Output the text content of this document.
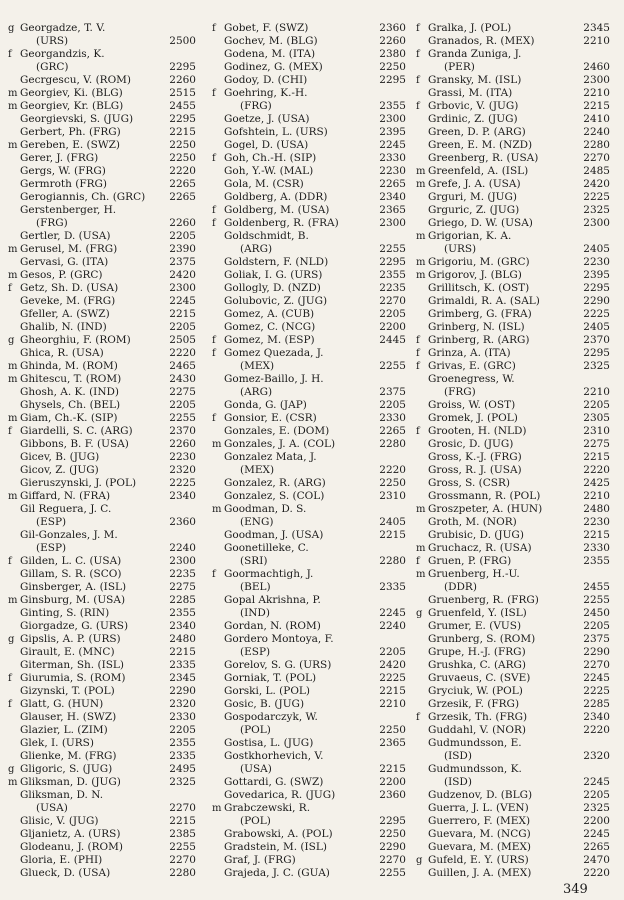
g Georgadze, T. V.
(URS)	2500
f Georgandzis, K.
(GRC)	2295
Gecrgescu, V. (ROM)	2260
m Georgiev, Ki. (BLG)	2515
m Georgiev, Kr. (BLG)	2455
Georgievski, S. (JUG)	2295
Gerbert, Ph. (FRG)	2215
m Gereben, E. (SWZ)	2250
Gerer, J. (FRG)	2250
Gergs, W. (FRG)	2220
Germroth (FRG)	2265
Gerogiannis, Ch. (GRC) 2265
Gerstenberger, H.
(FRG)	2260
Gertler, D. (USA)	2205
m Gerusel, M. (FRG)	2390
Gervasi, G. (ITA)	2375
m Gesos, P. (GRC)	2420
f Getz, Sh. D. (USA)	2300
Geveke, M. (FRG)	2245
Gfeller, A. (SWZ)	2215
Ghalib, N. (IND)	2205
g Gheorghiu, F. (ROM)	2505
Ghica, R. (USA)	2220
m Ghinda, M. (ROM)	2465
m Ghitescu, T. (ROM)	2430
Ghosh, A. K. (IND)	2275
Ghysels, Ch. (BEL)	2205
m Giam, Ch.-K. (SIP)	2255
f Giardelli, S. C. (ARG)	2370
Gibbons, B. F. (USA)	2260
Gicev, B. (JUG)	2230
Gicov, Z. (JUG)	2320
Gieruszynski, J. (POL)	2225
m Giffard, N. (FRA)	2340
Gil Reguera, J. C.
(ESP)	2360
Gil-Gonzales, J. M.
(ESP)	2240
f Gilden, L. C. (USA)	2300
Gillam, S. R. (SCO)	2235
Ginsberger, A. (ISL)	2275
m Ginsburg, M. (USA)	2285
Ginting, S. (RIN)	2355
Giorgadze, G. (URS)	2340
g Gipslis, A. P. (URS)	2480
Girault, E. (MNC)	2215
Giterman, Sh. (ISL)	2335
f Giurumia, S. (ROM)	2345
Gizynski, T. (POL)	2290
f Glatt, G. (HUN)	2320
Glauser, H. (SWZ)	2330
Glazier, L. (ZIM)	2205
Glek, I. (URS)	2355
Glienke, M. (FRG)	2335
g Gligoric, S. (JUG)	2495
m Gliksman, D. (JUG)	2325
Gliksman, D. N.
(USA)	2270
Glisic, V. (JUG)	2215
Gljanietz, A. (URS)	2385
Glodeanu, J. (ROM)	2255
Gloria, E. (PHI)	2270
Glueck, D. (USA)	2280
f Gobet, F. (SWZ)	2360
Gochev, M. (BLG)	2260
Godena, M. (ITA)	2380
Godinez, G. (MEX)	2250
Godoy, D. (CHI)	2295
f Goehring, K.-H.
(FRG)	2355
Goetze, J. (USA)	2300
Gofshtein, L. (URS)	2395
Gogel, D. (USA)	2245
f Goh, Ch.-H. (SIP)	2330
Goh, Y.-W. (MAL)	2230
Gola, M. (CSR)	2265
Goldberg, A. (DDR)	2340
f Goldberg, M. (USA)	2365
f Goldenberg, R. (FRA)	2300
Goldschmidt, B.
(ARG)	2255
Goldstern, F. (NLD)	2295
Goliak, I. G. (URS)	2355
Gollogly, D. (NZD)	2235
Golubovic, Z. (JUG)	2270
Gomez, A. (CUB)	2205
Gomez, C. (NCG)	2200
f Gomez, M. (ESP)	2445
f Gomez Quezada, J.
(MEX)	2255
Gomez-Baillo, J. H.
(ARG)	2375
Gonda, G. (JAP)	2205
f Gonsior, E. (CSR)	2330
Gonzales, E. (DOM)	2265
m Gonzales, J. A. (COL)	2280
Gonzalez Mata, J.
(MEX)	2220
Gonzalez, R. (ARG)	2250
Gonzalez, S. (COL)	2310
m Goodman, D. S.
(ENG)	2405
Goodman, J. (USA)	2215
Goonetilleke, C.
(SRI)	2280
f Goormachtigh, J.
(BEL)	2335
Gopal Akrishna, P.
(IND)	2245
Gordan, N. (ROM)	2240
Gordero Montoya, F.
(ESP)	2205
Gorelov, S. G. (URS)	2420
Gorniak, T. (POL)	2225
Gorski, L. (POL)	2215
Gosic, B. (JUG)	2210
Gospodarczyk, W.
(POL)	2250
Gostisa, L. (JUG)	2365
Gostkhorhevich, V.
(USA)	2215
Gottardi, G. (SWZ)	2200
Govedarica, R. (JUG)	2360
m Grabczewski, R.
(POL)	2295
Grabowski, A. (POL)	2250
Gradstein, M. (ISL)	2290
Graf, J. (FRG)	2270
Grajeda, J. C. (GUA)	2255
f Gralka, J. (POL)	2345
Granados, R. (MEX)	2210
f Granda Zuniga, J.
(PER)	2460
f Gransky, M. (ISL)	2300
Grassi, M. (ITA)	2210
f Grbovic, V. (JUG)	2215
Grdinic, Z. (JUG)	2410
Green, D. P. (ARG)	2240
Green, E. M. (NZD)	2280
Greenberg, R. (USA)	2270
m Greenfeld, A. (ISL)	2485
m Grefe, J. A. (USA)	2420
Grguri, M. (JUG)	2225
Grguric, Z. (JUG)	2325
Griego, D. W. (USA)	2300
m Grigorian, K. A.
(URS)	2405
m Grigoriu, M. (GRC)	2230
m Grigorov, J. (BLG)	2395
Grillitsch, K. (OST)	2295
Grimaldi, R. A. (SAL)	2290
Grimberg, G. (FRA)	2225
Grinberg, N. (ISL)	2405
f Grinberg, R. (ARG)	2370
f Grinza, A. (ITA)	2295
f Grivas, E. (GRC)	2325
Groenegress, W.
(FRG)	2210
Groiss, W. (OST)	2205
Gromek, J. (POL)	2305
f Grooten, H. (NLD)	2310
Grosic, D. (JUG)	2275
Gross, K.-J. (FRG)	2215
Gross, R. J. (USA)	2220
Gross, S. (CSR)	2425
Grossmann, R. (POL)	2210
m Groszpeter, A. (HUN)	2480
Groth, M. (NOR)	2230
Grubisic, D. (JUG)	2215
m Gruchacz, R. (USA)	2330
f Gruen, P. (FRG)	2355
m Gruenberg, H.-U.
(DDR)	2455
Gruenberg, R. (FRG)	2255
g Gruenfeld, Y. (ISL)	2450
Grumer, E. (VUS)	2205
Grunberg, S. (ROM)	2375
Grupe, H.-J. (FRG)	2290
Grushka, C. (ARG)	2270
Gruvaeus, C. (SVE)	2245
Gryciuk, W. (POL)	2225
Grzesik, F. (FRG)	2285
f Grzesik, Th. (FRG)	2340
Guddahl, V. (NOR)	2220
Gudmundsson, E.
(ISD)	2320
Gudmundsson, K.
(ISD)	2245
Gudzenov, D. (BLG)	2205
Guerra, J. L. (VEN)	2325
Guerrero, F. (MEX)	2200
Guevara, M. (NCG)	2245
Guevara, M. (MEX)	2265
g Gufeld, E. Y. (URS)	2470
Guillen, J. A. (MEX)	2220
349
